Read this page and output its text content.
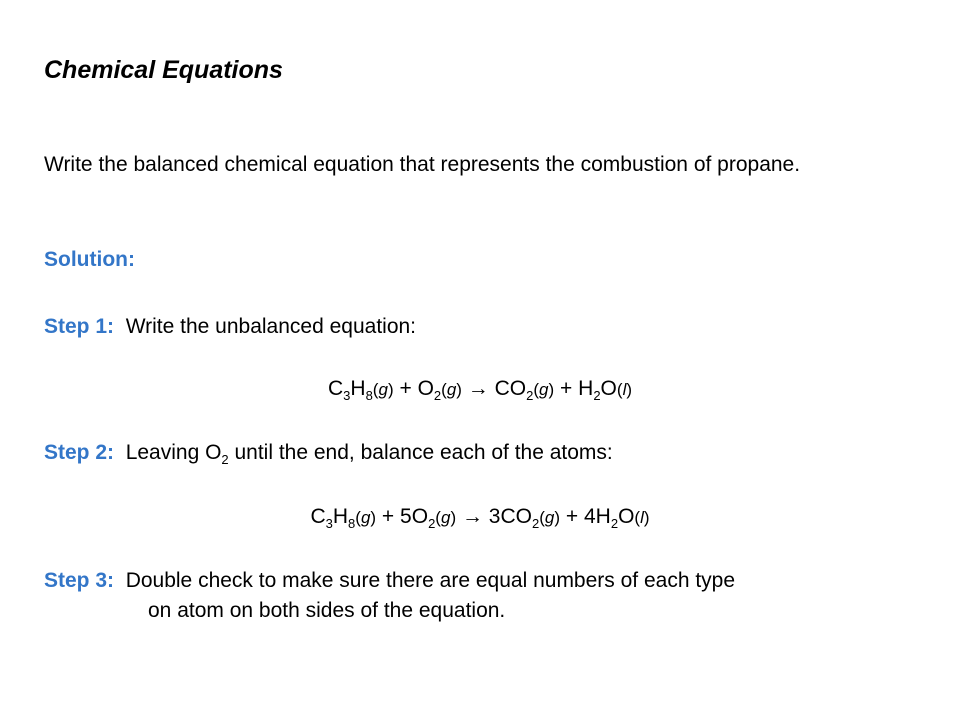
Chemical Equations
Write the balanced chemical equation that represents the combustion of propane.
Solution:
Step 1: Write the unbalanced equation:
$C_3H_8(g) + O_2(g) \to CO_2(g) + H_2O(l)$
Step 2: Leaving $O_2$ until the end, balance each of the atoms:
$C_3H_8(g) + 5O_2(g) \to 3CO_2(g) + 4H_2O(l)$
Step 3: Double check to make sure there are equal numbers of each type
on atom on both sides of the equation.
